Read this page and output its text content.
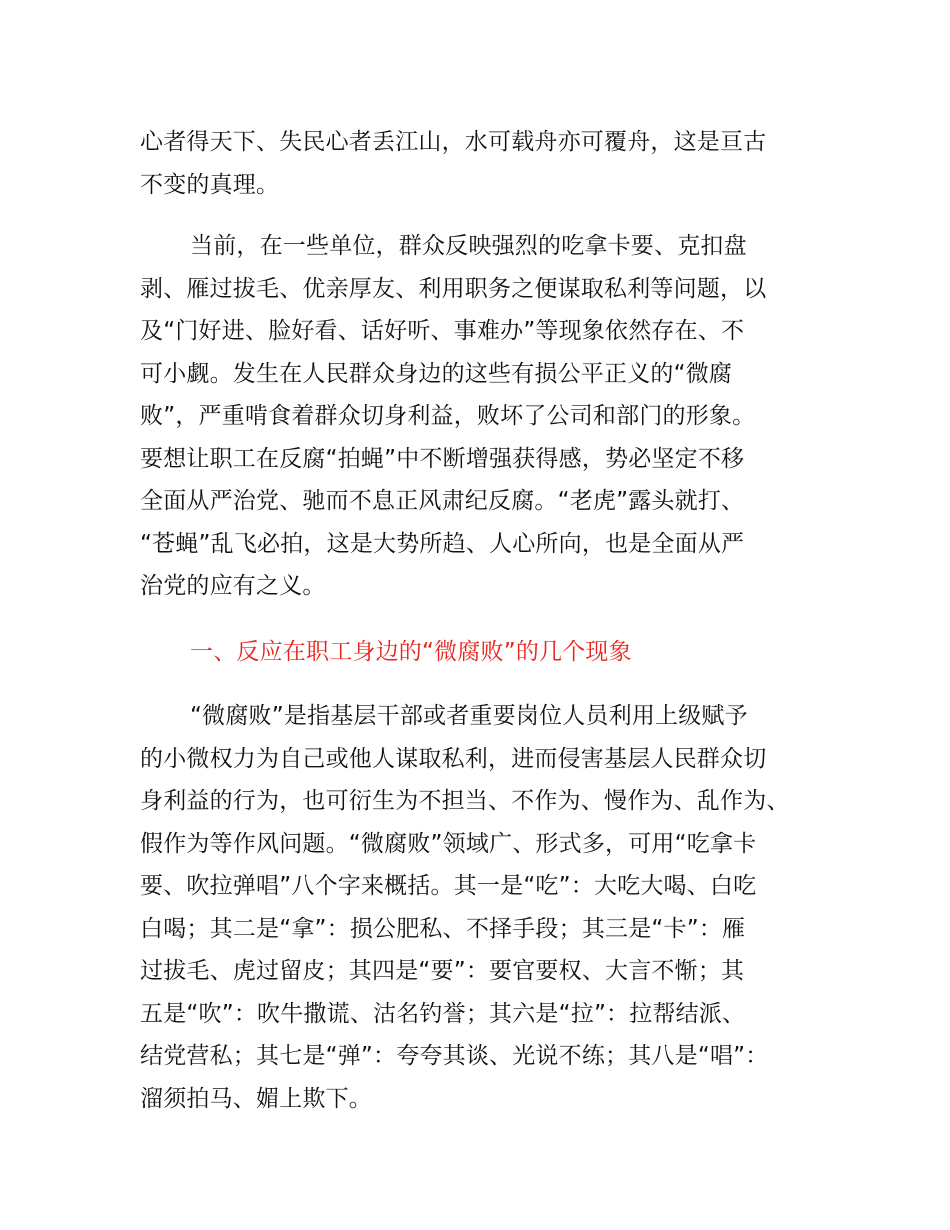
心者得天下、失民心者丢江山，水可载舟亦可覆舟，这是亘古
不变的真理。
当前，在一些单位，群众反映强烈的吃拿卡要、克扣盘
剥、雁过拔毛、优亲厚友、利用职务之便谋取私利等问题，以
及“门好进、脸好看、话好听、事难办”等现象依然存在、不
可小觑。发生在人民群众身边的这些有损公平正义的“微腐
败”，严重啃食着群众切身利益，败坏了公司和部门的形象。
要想让职工在反腐“拍蝇”中不断增强获得感，势必坚定不移
全面从严治党、驰而不息正风肃纪反腐。“老虎”露头就打、
“苍蝇”乱飞必拍，这是大势所趋、人心所向，也是全面从严
治党的应有之义。
一、反应在职工身边的“微腐败”的几个现象
“微腐败”是指基层干部或者重要岗位人员利用上级赋予
的小微权力为自己或他人谋取私利，进而侵害基层人民群众切
身利益的行为，也可衍生为不担当、不作为、慢作为、乱作为、
假作为等作风问题。“微腐败”领域广、形式多，可用“吃拿卡
要、吹拉弹唱”八个字来概括。其一是“吃”：大吃大喝、白吃
白喝；其二是“拿”：损公肥私、不择手段；其三是“卡”：雁
过拔毛、虎过留皮；其四是“要”：要官要权、大言不惭；其
五是“吹”：吹牛撒谎、沽名钓誉；其六是“拉”：拉帮结派、
结党营私；其七是“弹”：夸夸其谈、光说不练；其八是“唱”：
溜须拍马、媚上欺下。
